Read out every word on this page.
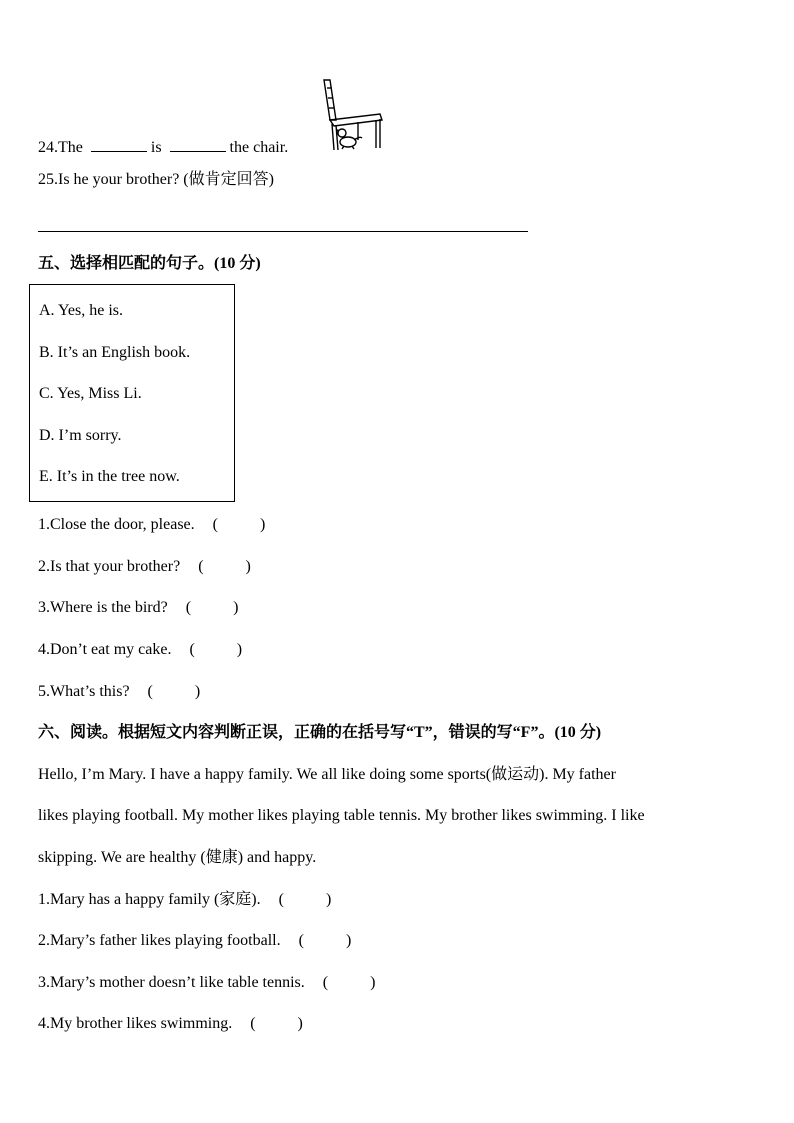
24.The	is	the chair.
25.Is he your brother? (做肯定回答)
五、选择相匹配的句子。(10 分)
A. Yes, he is.
B. It’s an English book.
C. Yes, Miss Li.
D. I’m sorry.
E. It’s in the tree now.
1.Close the door, please. (	)
2.Is that your brother? (	)
3.Where is the bird? (	)
4.Don’t eat my cake. (	)
5.What’s this? (	)
六、阅读。根据短文内容判断正误，正确的在括号写“T”，错误的写“F”。(10 分)
Hello, I’m Mary. I have a happy family. We all like doing some sports(做运动). My father
likes playing football. My mother likes playing table tennis. My brother likes swimming. I like
skipping. We are healthy (健康) and happy.
1.Mary has a happy family (家庭). (	)
2.Mary’s father likes playing football. (	)
3.Mary’s mother doesn’t like table tennis. (	)
4.My brother likes swimming. (	)
